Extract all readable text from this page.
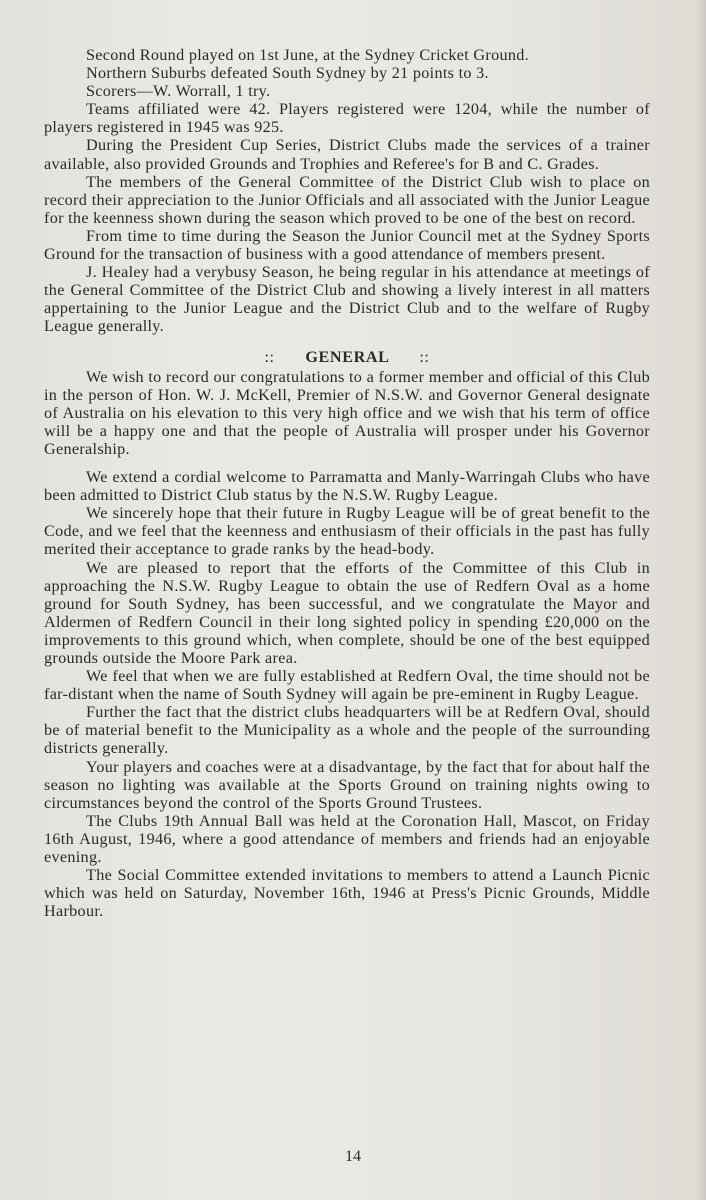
Second Round played on 1st June, at the Sydney Cricket Ground.

Northern Suburbs defeated South Sydney by 21 points to 3.

Scorers—W. Worrall, 1 try.

Teams affiliated were 42. Players registered were 1204, while the number of players registered in 1945 was 925.

During the President Cup Series, District Clubs made the services of a trainer available, also provided Grounds and Trophies and Referee's for B and C. Grades.

The members of the General Committee of the District Club wish to place on record their appreciation to the Junior Officials and all associated with the Junior League for the keenness shown during the season which proved to be one of the best on record.

From time to time during the Season the Junior Council met at the Sydney Sports Ground for the transaction of business with a good attendance of members present.

J. Healey had a verybusy Season, he being regular in his attendance at meetings of the General Committee of the District Club and showing a lively interest in all matters appertaining to the Junior League and the District Club and to the welfare of Rugby League generally.

:: GENERAL ::

We wish to record our congratulations to a former member and official of this Club in the person of Hon. W. J. McKell, Premier of N.S.W. and Governor General designate of Australia on his elevation to this very high office and we wish that his term of office will be a happy one and that the people of Australia will prosper under his Governor Generalship.

We extend a cordial welcome to Parramatta and Manly-Warringah Clubs who have been admitted to District Club status by the N.S.W. Rugby League.

We sincerely hope that their future in Rugby League will be of great benefit to the Code, and we feel that the keenness and enthusiasm of their officials in the past has fully merited their acceptance to grade ranks by the head-body.

We are pleased to report that the efforts of the Committee of this Club in approaching the N.S.W. Rugby League to obtain the use of Redfern Oval as a home ground for South Sydney, has been successful, and we congratulate the Mayor and Aldermen of Redfern Council in their long sighted policy in spending £20,000 on the improvements to this ground which, when complete, should be one of the best equipped grounds outside the Moore Park area.

We feel that when we are fully established at Redfern Oval, the time should not be far-distant when the name of South Sydney will again be pre-eminent in Rugby League.

Further the fact that the district clubs headquarters will be at Redfern Oval, should be of material benefit to the Municipality as a whole and the people of the surrounding districts generally.

Your players and coaches were at a disadvantage, by the fact that for about half the season no lighting was available at the Sports Ground on training nights owing to circumstances beyond the control of the Sports Ground Trustees.

The Clubs 19th Annual Ball was held at the Coronation Hall, Mascot, on Friday 16th August, 1946, where a good attendance of members and friends had an enjoyable evening.

The Social Committee extended invitations to members to attend a Launch Picnic which was held on Saturday, November 16th, 1946 at Press's Picnic Grounds, Middle Harbour.

14
